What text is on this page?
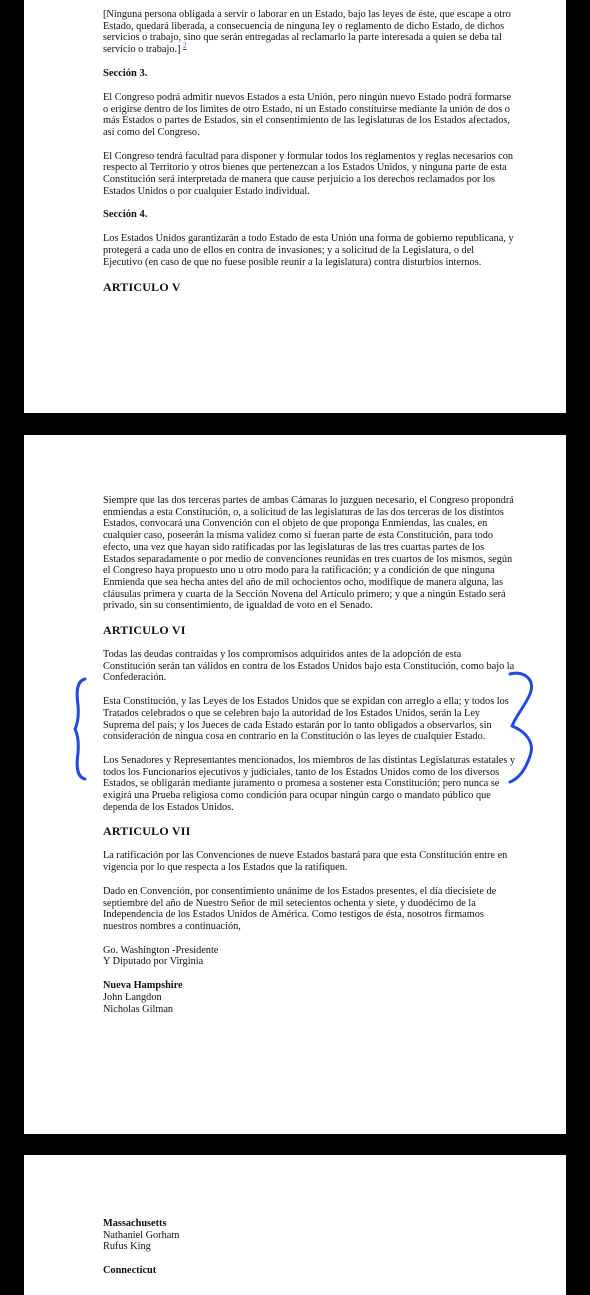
[Ninguna persona obligada a servir o laborar en un Estado, bajo las leyes de éste, que escape a otro Estado, quedará liberada, a consecuencia de ninguna ley o reglamento de dicho Estado, de dichos servicios o trabajo, sino que serán entregadas al reclamarlo la parte interesada a quien se deba tal servicio o trabajo.] $^2$

Sección 3.

El Congreso podrá admitir nuevos Estados a esta Unión, pero ningún nuevo Estado podrá formarse o erigirse dentro de los limites de otro Estado, ni un Estado constituirse mediante la unión de dos o más Estados o partes de Estados, sin el consentimiento de las legislaturas de los Estados afectados, así como del Congreso.

El Congreso tendrá facultad para disponer y formular todos los reglamentos y reglas necesarios con respecto al Territorio y otros bienes que pertenezcan a los Estados Unidos, y ninguna parte de esta Constitución será interpretada de manera que cause perjuicio a los derechos reclamados por los Estados Unidos o por cualquier Estado individual.

Sección 4.

Los Estados Unidos garantizarán a todo Estado de esta Unión una forma de gobierno republicana, y protegerá a cada uno de ellos en contra de invasiones; y a solicitud de la Legislatura, o del Ejecutivo (en caso de que no fuese posible reunir a la legislatura) contra disturbios internos.

ARTICULO V

Siempre que las dos terceras partes de ambas Cámaras lo juzguen necesario, el Congreso propondrá enmiendas a esta Constitución, o, a solicitud de las legislaturas de las dos terceras de los distintos Estados, convocará una Convención con el objeto de que proponga Enmiendas, las cuales, en cualquier caso, poseerán la misma validez como si fueran parte de esta Constitución, para todo efecto, una vez que hayan sido ratificadas por las legislaturas de las tres cuartas partes de los Estados separadamente o por medio de convenciones reunidas en tres cuartos de los mismos, según el Congreso haya propuesto uno u otro modo para la ratificación; y a condición de que ninguna Enmienda que sea hecha antes del año de mil ochocientos ocho, modifique de manera alguna, las cláusulas primera y cuarta de la Sección Novena del Artículo primero; y que a ningún Estado será privado, sin su consentimiento, de igualdad de voto en el Senado.

ARTICULO VI

Todas las deudas contraídas y los compromisos adquiridos antes de la adopción de esta Constitución serán tan válidos en contra de los Estados Unidos bajo esta Constitución, como bajo la Confederación.

Esta Constitución, y las Leyes de los Estados Unidos que se expidan con arreglo a ella; y todos los Tratados celebrados o que se celebren bajo la autoridad de los Estados Unidos, serán la Ley Suprema del país; y los Jueces de cada Estado estarán por lo tanto obligados a observarlos, sin consideración de ningua cosa en contrario en la Constitución o las leyes de cualquier Estado.

Los Senadores y Representantes mencionados, los miembros de las distintas Legislaturas estatales y todos los Funcionarios ejecutivos y judiciales, tanto de los Estados Unidos como de los diversos Estados, se obligarán mediante juramento o promesa a sostener esta Constitución; pero nunca se exigirá una Prueba religiosa como condición para ocupar ningún cargo o mandato público que dependa de los Estados Unidos.

ARTICULO VII

La ratificación por las Convenciones de nueve Estados bastará para que esta Constitución entre en vigencia por lo que respecta a los Estados que la ratifiquen.

Dado en Convención, por consentimiento unánime de los Estados presentes, el día diecisiete de septiembre del año de Nuestro Señor de mil setecientos ochenta y siete, y duodécimo de la Independencia de los Estados Unidos de América. Como testigos de ésta, nosotros firmamos nuestros nombres a continuación,

Go. Washington -Presidente
Y Diputado por Virginia
Nueva Hampshire
John Langdon
Nicholas Gilman
Massachusetts
Nathaniel Gorham
Rufus King
Connecticut
